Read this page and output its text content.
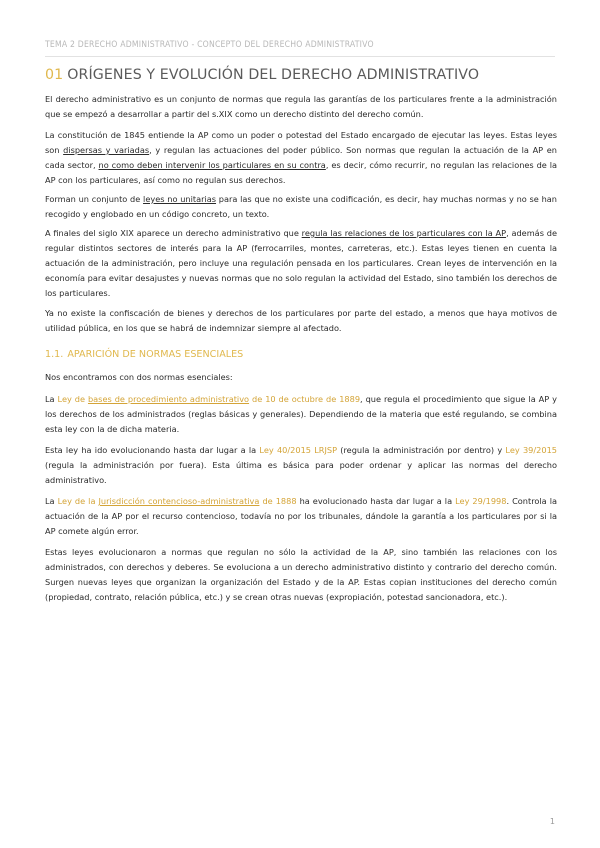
TEMA 2 DERECHO ADMINISTRATIVO - CONCEPTO DEL DERECHO ADMINISTRATIVO
01 ORÍGENES Y EVOLUCIÓN DEL DERECHO ADMINISTRATIVO

El derecho administrativo es un conjunto de normas que regula las garantías de los particulares frente a la administración que se empezó a desarrollar a partir del s.XIX como un derecho distinto del derecho común.

La constitución de 1845 entiende la AP como un poder o potestad del Estado encargado de ejecutar las leyes. Estas leyes son dispersas y variadas, y regulan las actuaciones del poder público. Son normas que regulan la actuación de la AP en cada sector, no como deben intervenir los particulares en su contra, es decir, cómo recurrir, no regulan las relaciones de la AP con los particulares, así como no regulan sus derechos.

Forman un conjunto de leyes no unitarias para las que no existe una codificación, es decir, hay muchas normas y no se han recogido y englobado en un código concreto, un texto.

A finales del siglo XIX aparece un derecho administrativo que regula las relaciones de los particulares con la AP, además de regular distintos sectores de interés para la AP (ferrocarriles, montes, carreteras, etc.). Estas leyes tienen en cuenta la actuación de la administración, pero incluye una regulación pensada en los particulares. Crean leyes de intervención en la economía para evitar desajustes y nuevas normas que no solo regulan la actividad del Estado, sino también los derechos de los particulares.

Ya no existe la confiscación de bienes y derechos de los particulares por parte del estado, a menos que haya motivos de utilidad pública, en los que se habrá de indemnizar siempre al afectado.

1.1. APARICIÓN DE NORMAS ESENCIALES

Nos encontramos con dos normas esenciales:

La Ley de bases de procedimiento administrativo de 10 de octubre de 1889, que regula el procedimiento que sigue la AP y los derechos de los administrados (reglas básicas y generales). Dependiendo de la materia que esté regulando, se combina esta ley con la de dicha materia.

Esta ley ha ido evolucionando hasta dar lugar a la Ley 40/2015 LRJSP (regula la administración por dentro) y Ley 39/2015 (regula la administración por fuera). Esta última es básica para poder ordenar y aplicar las normas del derecho administrativo.

La Ley de la Jurisdicción contencioso-administrativa de 1888 ha evolucionado hasta dar lugar a la Ley 29/1998. Controla la actuación de la AP por el recurso contencioso, todavía no por los tribunales, dándole la garantía a los particulares por si la AP comete algún error.

Estas leyes evolucionaron a normas que regulan no sólo la actividad de la AP, sino también las relaciones con los administrados, con derechos y deberes. Se evoluciona a un derecho administrativo distinto y contrario del derecho común. Surgen nuevas leyes que organizan la organización del Estado y de la AP. Estas copian instituciones del derecho común (propiedad, contrato, relación pública, etc.) y se crean otras nuevas (expropiación, potestad sancionadora, etc.).

1
